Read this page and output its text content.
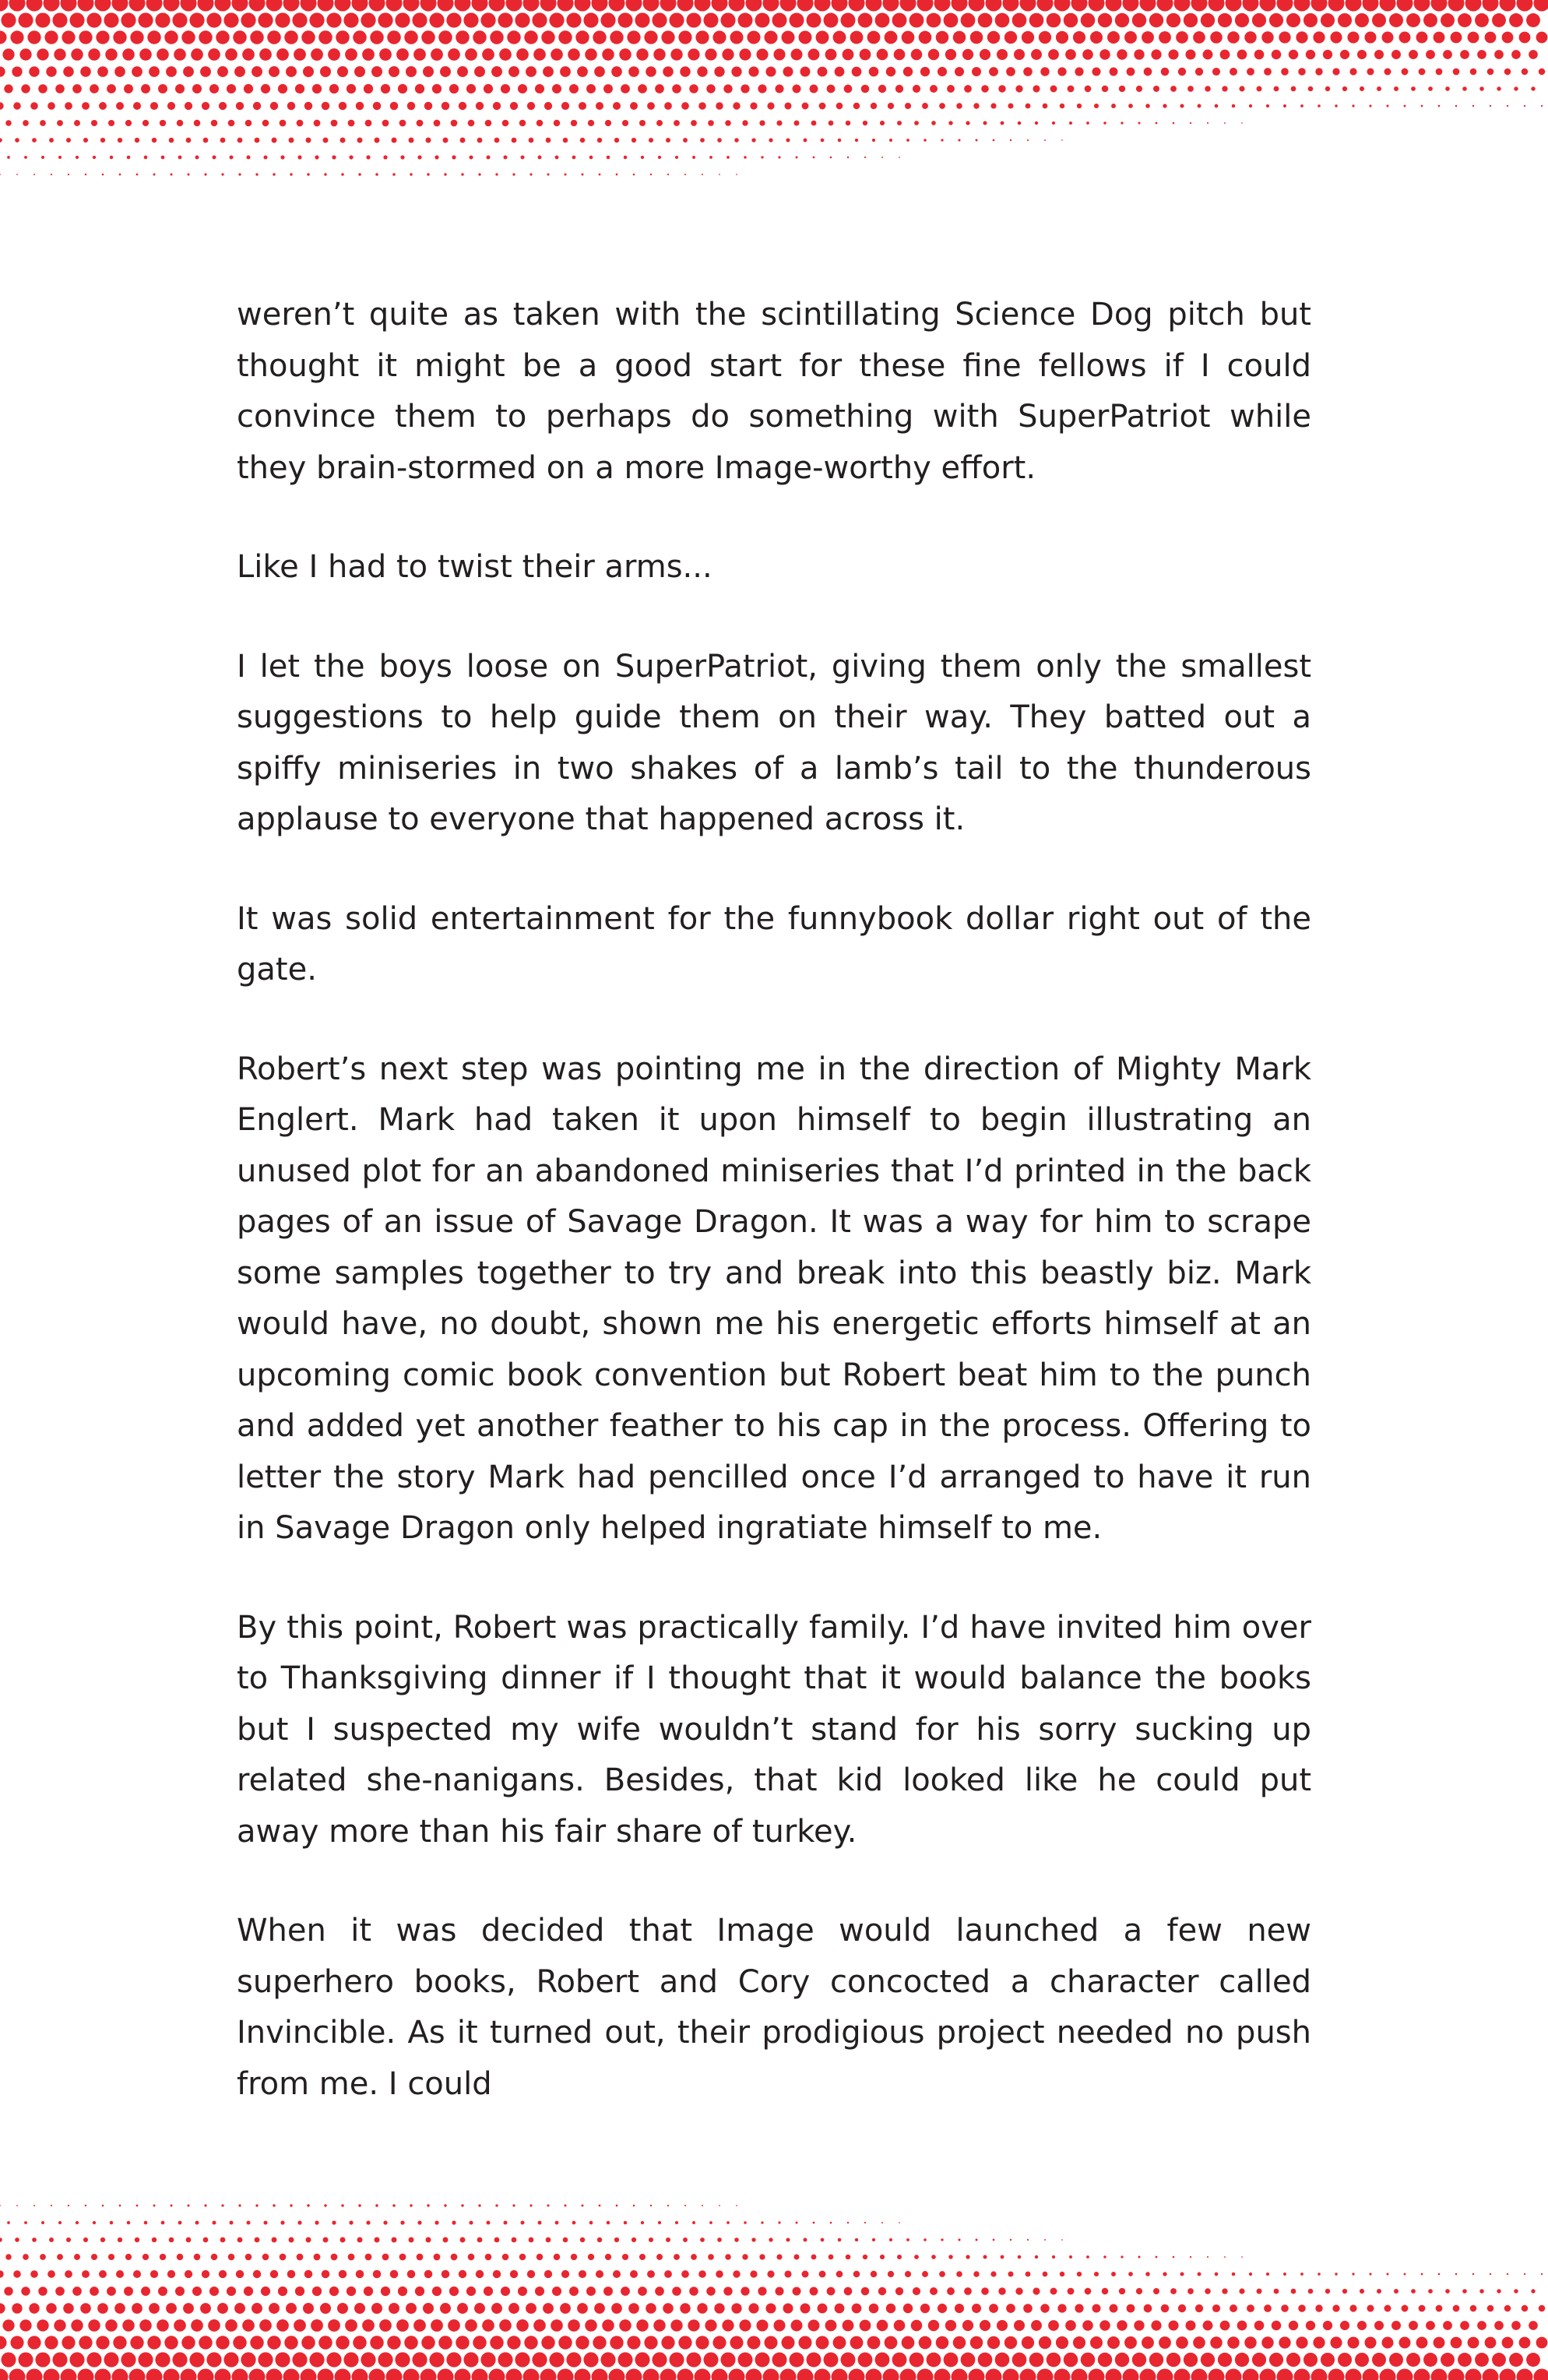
weren’t quite as taken with the scintillating Science Dog pitch but thought it might be a good start for these fine fellows if I could convince them to perhaps do something with SuperPatriot while they brain-stormed on a more Image-worthy effort.

Like I had to twist their arms...

I let the boys loose on SuperPatriot, giving them only the smallest suggestions to help guide them on their way. They batted out a spiffy miniseries in two shakes of a lamb’s tail to the thunderous applause to everyone that happened across it.

It was solid entertainment for the funnybook dollar right out of the gate.

Robert’s next step was pointing me in the direction of Mighty Mark Englert. Mark had taken it upon himself to begin illustrating an unused plot for an abandoned miniseries that I’d printed in the back pages of an issue of Savage Dragon. It was a way for him to scrape some samples together to try and break into this beastly biz. Mark would have, no doubt, shown me his energetic efforts himself at an upcoming comic book convention but Robert beat him to the punch and added yet another feather to his cap in the process. Offering to letter the story Mark had pencilled once I’d arranged to have it run in Savage Dragon only helped ingratiate himself to me.

By this point, Robert was practically family. I’d have invited him over to Thanksgiving dinner if I thought that it would balance the books but I suspected my wife wouldn’t stand for his sorry sucking up related she-nanigans. Besides, that kid looked like he could put away more than his fair share of turkey.

When it was decided that Image would launched a few new superhero books, Robert and Cory concocted a character called Invincible. As it turned out, their prodigious project needed no push from me. I could
